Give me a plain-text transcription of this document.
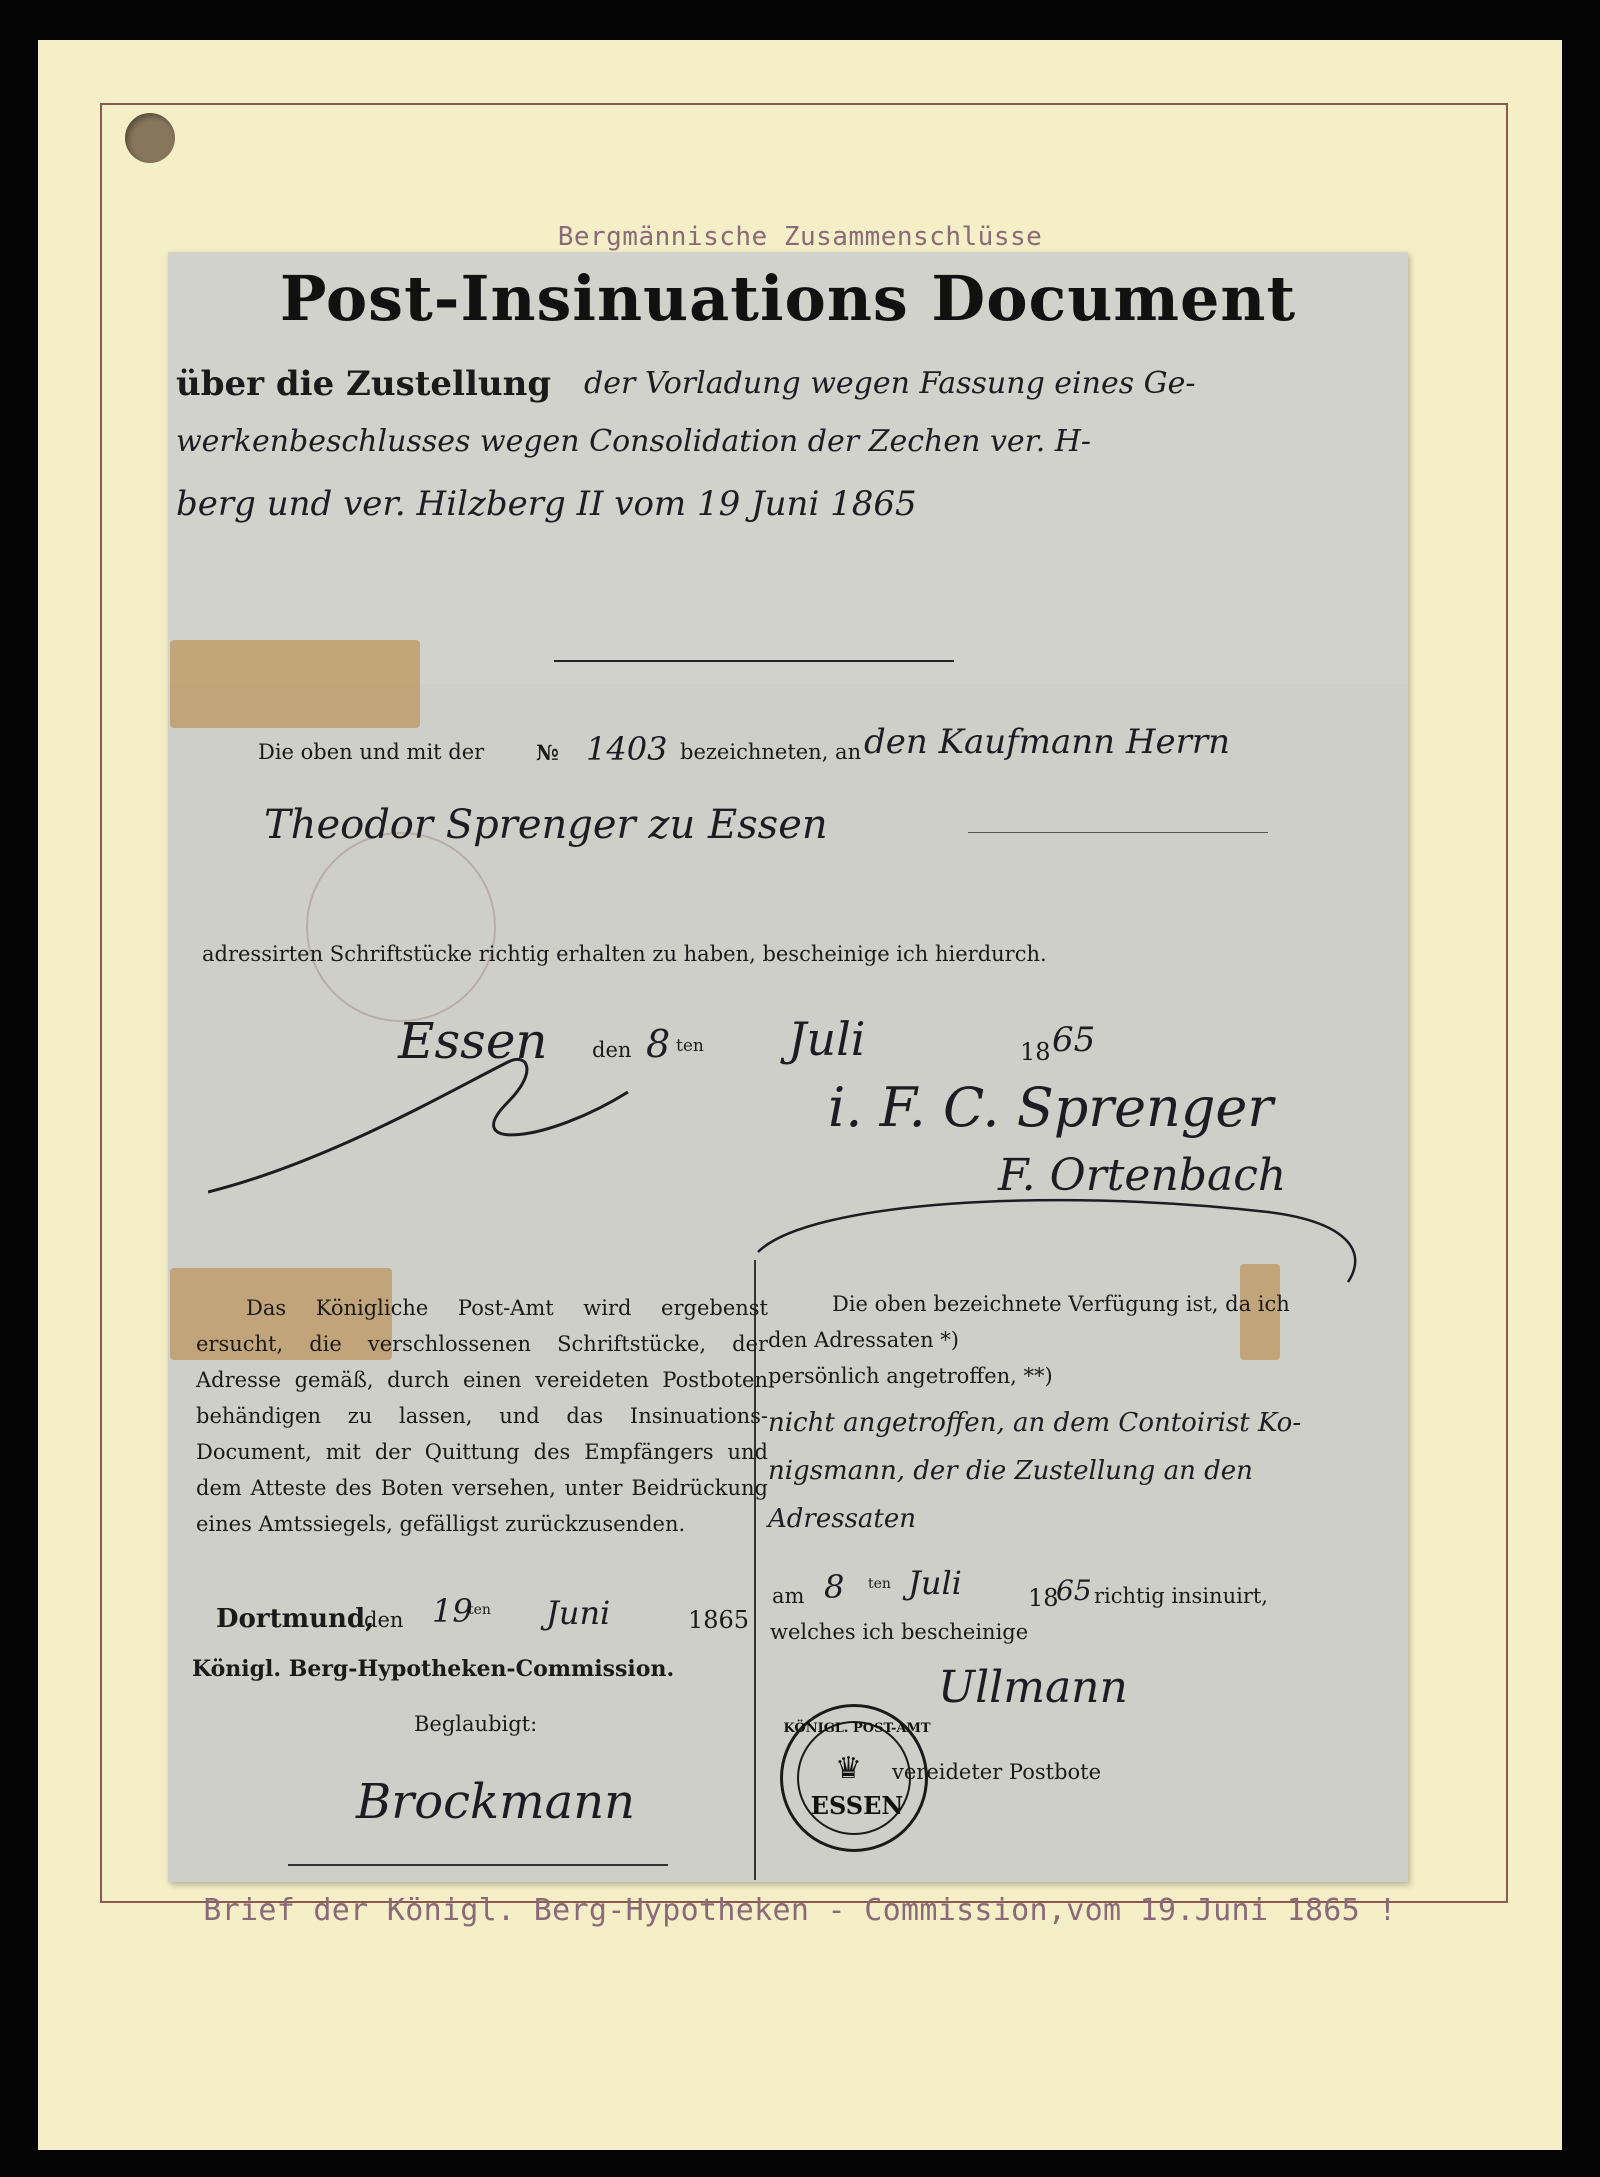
Bergmännische Zusammenschlüsse
Post-Insinuations Document
über die Zustellung der Vorladung wegen Fassung eines Ge-
werkenbeschlusses wegen Consolidation der Zechen ver. H-
berg und ver. Hilzberg II vom 19 Juni 1865
Die oben und mit der № 1403 bezeichneten, an den Kaufmann Herrn
Theodor Sprenger zu Essen
adressirten Schriftstücke richtig erhalten zu haben, bescheinige ich hierdurch.
Essen den 8 ten Juli	18 65
i. F. C. Sprenger
F. Ortenbach
Das Königliche Post-Amt wird ergebenst ersucht, die verschlossenen Schriftstücke, der Adresse gemäß, durch einen vereideten Postboten behändigen zu lassen, und das Insinuations-Document, mit der Quittung des Empfängers und dem Atteste des Boten versehen, unter Beidrückung eines Amtssiegels, gefälligst zurückzusenden.
Dortmund,
den 19
ten Juni	1865
Königl. Berg-Hypotheken-Commission.
Beglaubigt:
Brockmann
Die oben bezeichnete Verfügung ist, da ich
den Adressaten *)
persönlich angetroffen, **)
nicht angetroffen, an dem Contoirist Ko-
nigsmann, der die Zustellung an den
Adressaten
am 8 ten Juli	18
65 richtig insinuirt,
welches ich bescheinige
Ullmann
vereideter Postbote
KÖNIGL. POST-AMT
♛
ESSEN
Brief der Königl. Berg-Hypotheken - Commission,vom 19.Juni 1865 !
